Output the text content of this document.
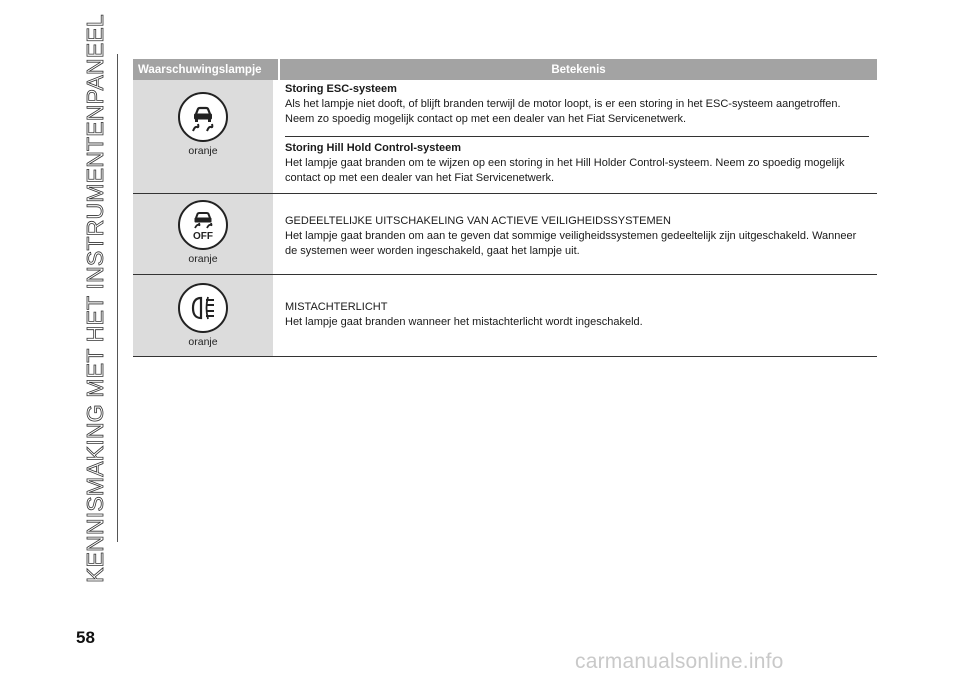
KENNISMAKING MET HET INSTRUMENTENPANEEL	Waarschuwingslampje	Betekenis
oranje
Storing ESC-systeem
Als het lampje niet dooft, of blijft branden terwijl de motor loopt, is er een storing in het ESC-systeem aangetroffen. Neem zo spoedig mogelijk contact op met een dealer van het Fiat Servicenetwerk.
Storing Hill Hold Control-systeem
Het lampje gaat branden om te wijzen op een storing in het Hill Holder Control-systeem. Neem zo spoedig mogelijk contact op met een dealer van het Fiat Servicenetwerk.
OFF
oranje
GEDEELTELIJKE UITSCHAKELING VAN ACTIEVE VEILIGHEIDSSYSTEMEN
Het lampje gaat branden om aan te geven dat sommige veiligheidssystemen gedeeltelijk zijn uitgeschakeld. Wanneer de systemen weer worden ingeschakeld, gaat het lampje uit.
oranje
MISTACHTERLICHT
Het lampje gaat branden wanneer het mistachterlicht wordt ingeschakeld.
58
carmanualsonline.info
